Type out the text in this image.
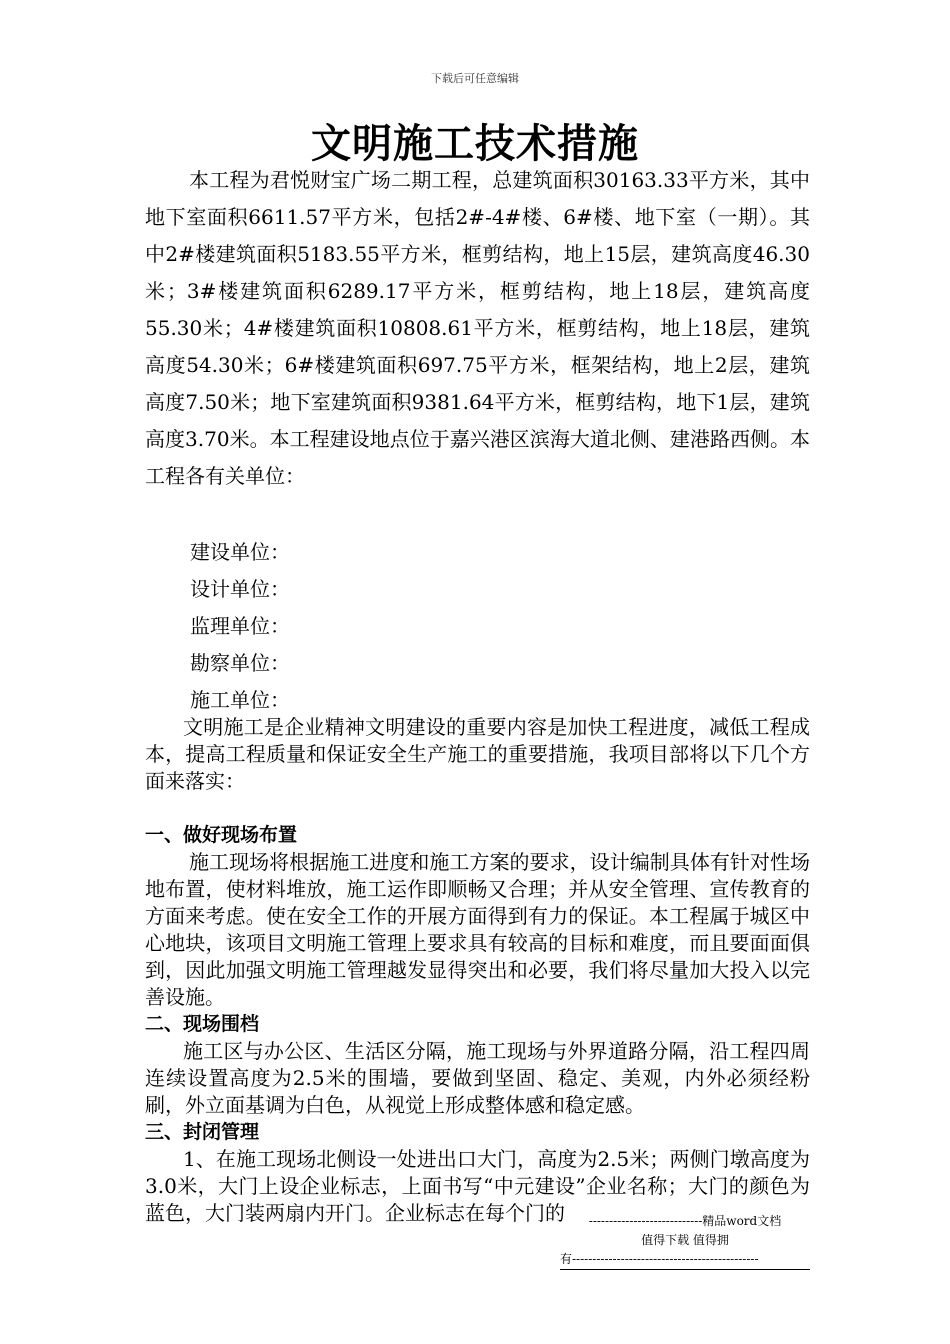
下载后可任意编辑
文明施工技术措施

本工程为君悦财宝广场二期工程，总建筑面积30163.33平方米，其中地下室面积6611.57平方米，包括2#-4#楼、6#楼、地下室（一期）。其中2#楼建筑面积5183.55平方米，框剪结构，地上15层，建筑高度46.30米；3#楼建筑面积6289.17平方米，框剪结构，地上18层，建筑高度55.30米；4#楼建筑面积10808.61平方米，框剪结构，地上18层，建筑高度54.30米；6#楼建筑面积697.75平方米，框架结构，地上2层，建筑高度7.50米；地下室建筑面积9381.64平方米，框剪结构，地下1层，建筑高度3.70米。本工程建设地点位于嘉兴港区滨海大道北侧、建港路西侧。本工程各有关单位：

建设单位：
设计单位：
监理单位：
勘察单位：
施工单位：

文明施工是企业精神文明建设的重要内容是加快工程进度，减低工程成本，提高工程质量和保证安全生产施工的重要措施，我项目部将以下几个方面来落实：

一、做好现场布置

施工现场将根据施工进度和施工方案的要求，设计编制具体有针对性场地布置，使材料堆放，施工运作即顺畅又合理；并从安全管理、宣传教育的方面来考虑。使在安全工作的开展方面得到有力的保证。本工程属于城区中心地块，该项目文明施工管理上要求具有较高的目标和难度，而且要面面俱到，因此加强文明施工管理越发显得突出和必要，我们将尽量加大投入以完善设施。

二、现场围档

施工区与办公区、生活区分隔，施工现场与外界道路分隔，沿工程四周连续设置高度为2.5米的围墙，要做到坚固、稳定、美观，内外必须经粉刷，外立面基调为白色，从视觉上形成整体感和稳定感。

三、封闭管理

1、在施工现场北侧设一处进出口大门，高度为2.5米；两侧门墩高度为3.0米，大门上设企业标志，上面书写“中元建设”企业名称；大门的颜色为蓝色，大门装两扇内开门。企业标志在每个门的	----------------------------精品word文档
值得下载 值得拥
有----------------------------------------------
